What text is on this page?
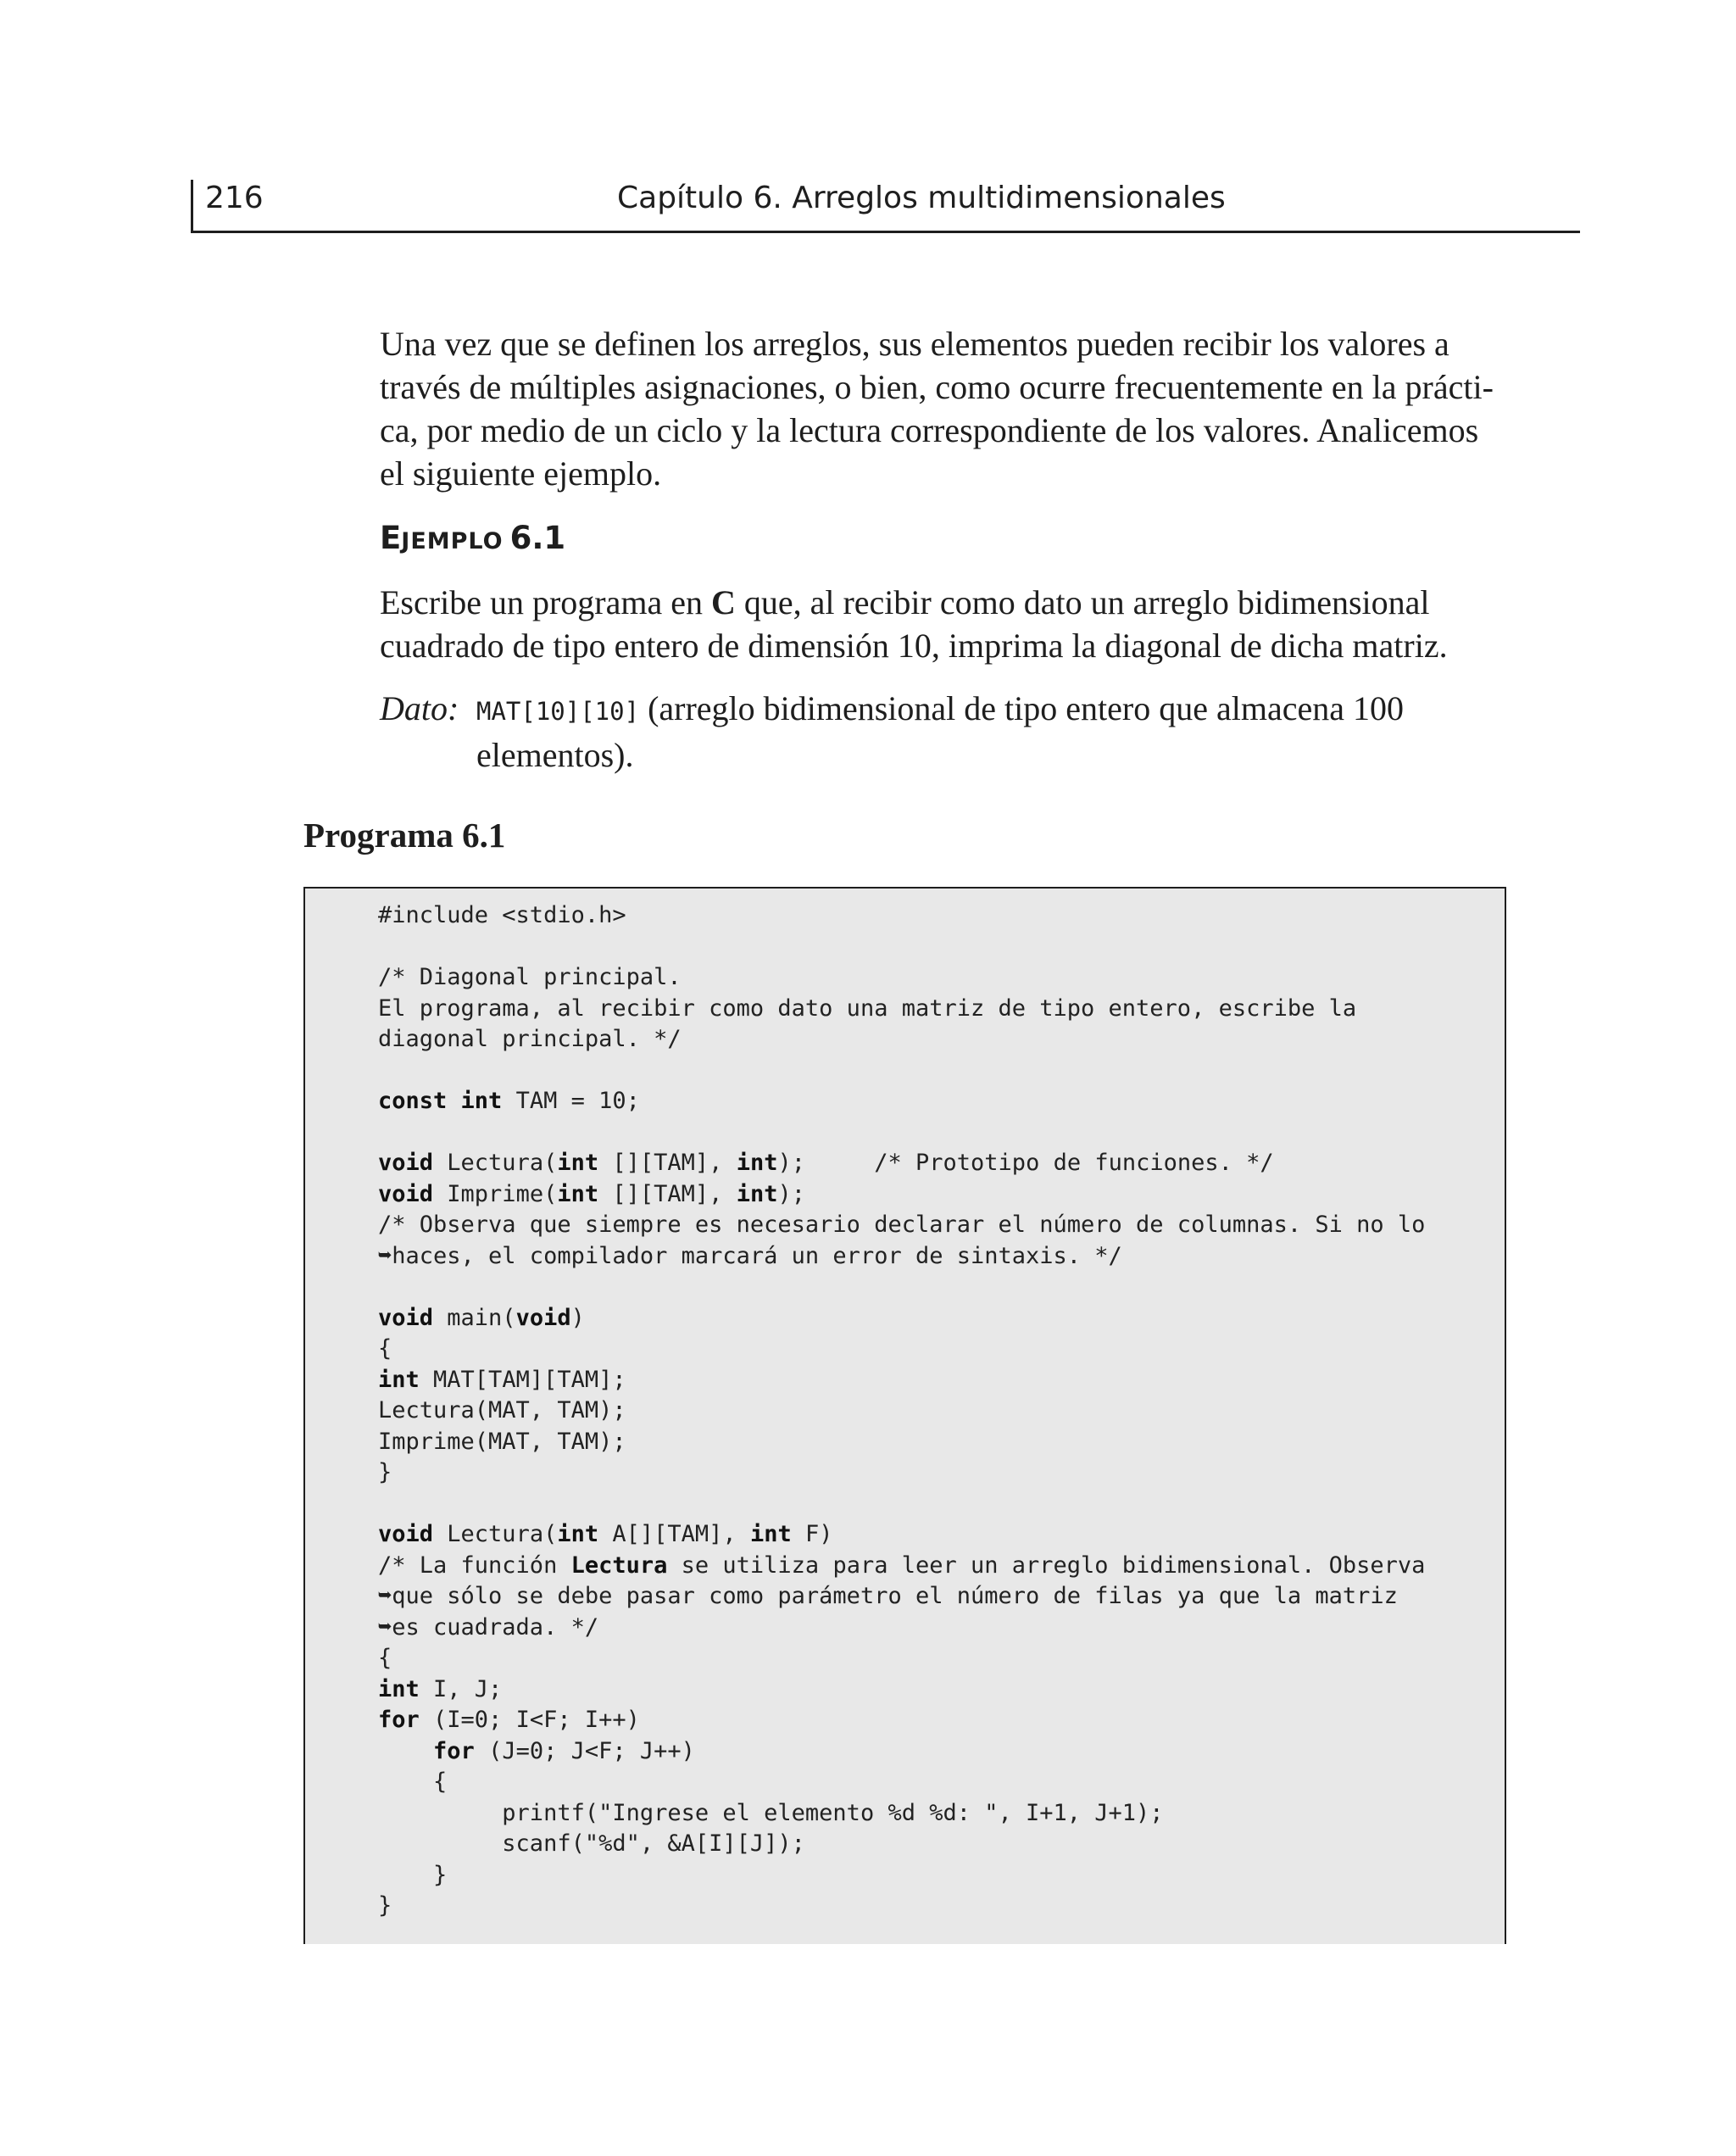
216	Capítulo 6. Arreglos multidimensionales

Una vez que se definen los arreglos, sus elementos pueden recibir los valores a través de múltiples asignaciones, o bien, como ocurre frecuentemente en la prácti-ca, por medio de un ciclo y la lectura correspondiente de los valores. Analicemos el siguiente ejemplo.

EJEMPLO 6.1

Escribe un programa en C que, al recibir como dato un arreglo bidimensional cuadrado de tipo entero de dimensión 10, imprima la diagonal de dicha matriz.

Dato: MAT[10][10] (arreglo bidimensional de tipo entero que almacena 100 elementos).
Programa 6.1
#include <stdio.h>

/* Diagonal principal.
El programa, al recibir como dato una matriz de tipo entero, escribe la
diagonal principal. */

const int TAM = 10;

void Lectura(int [][TAM], int);     /* Prototipo de funciones. */
void Imprime(int [][TAM], int);
/* Observa que siempre es necesario declarar el número de columnas. Si no lo
➥haces, el compilador marcará un error de sintaxis. */

void main(void)
{
int MAT[TAM][TAM];
Lectura(MAT, TAM);
Imprime(MAT, TAM);
}

void Lectura(int A[][TAM], int F)
/* La función Lectura se utiliza para leer un arreglo bidimensional. Observa
➥que sólo se debe pasar como parámetro el número de filas ya que la matriz
➥es cuadrada. */
{
int I, J;
for (I=0; I<F; I++)
for (J=0; J<F; J++)
{
printf("Ingrese el elemento %d %d: ", I+1, J+1);
scanf("%d", &A[I][J]);
}
}
